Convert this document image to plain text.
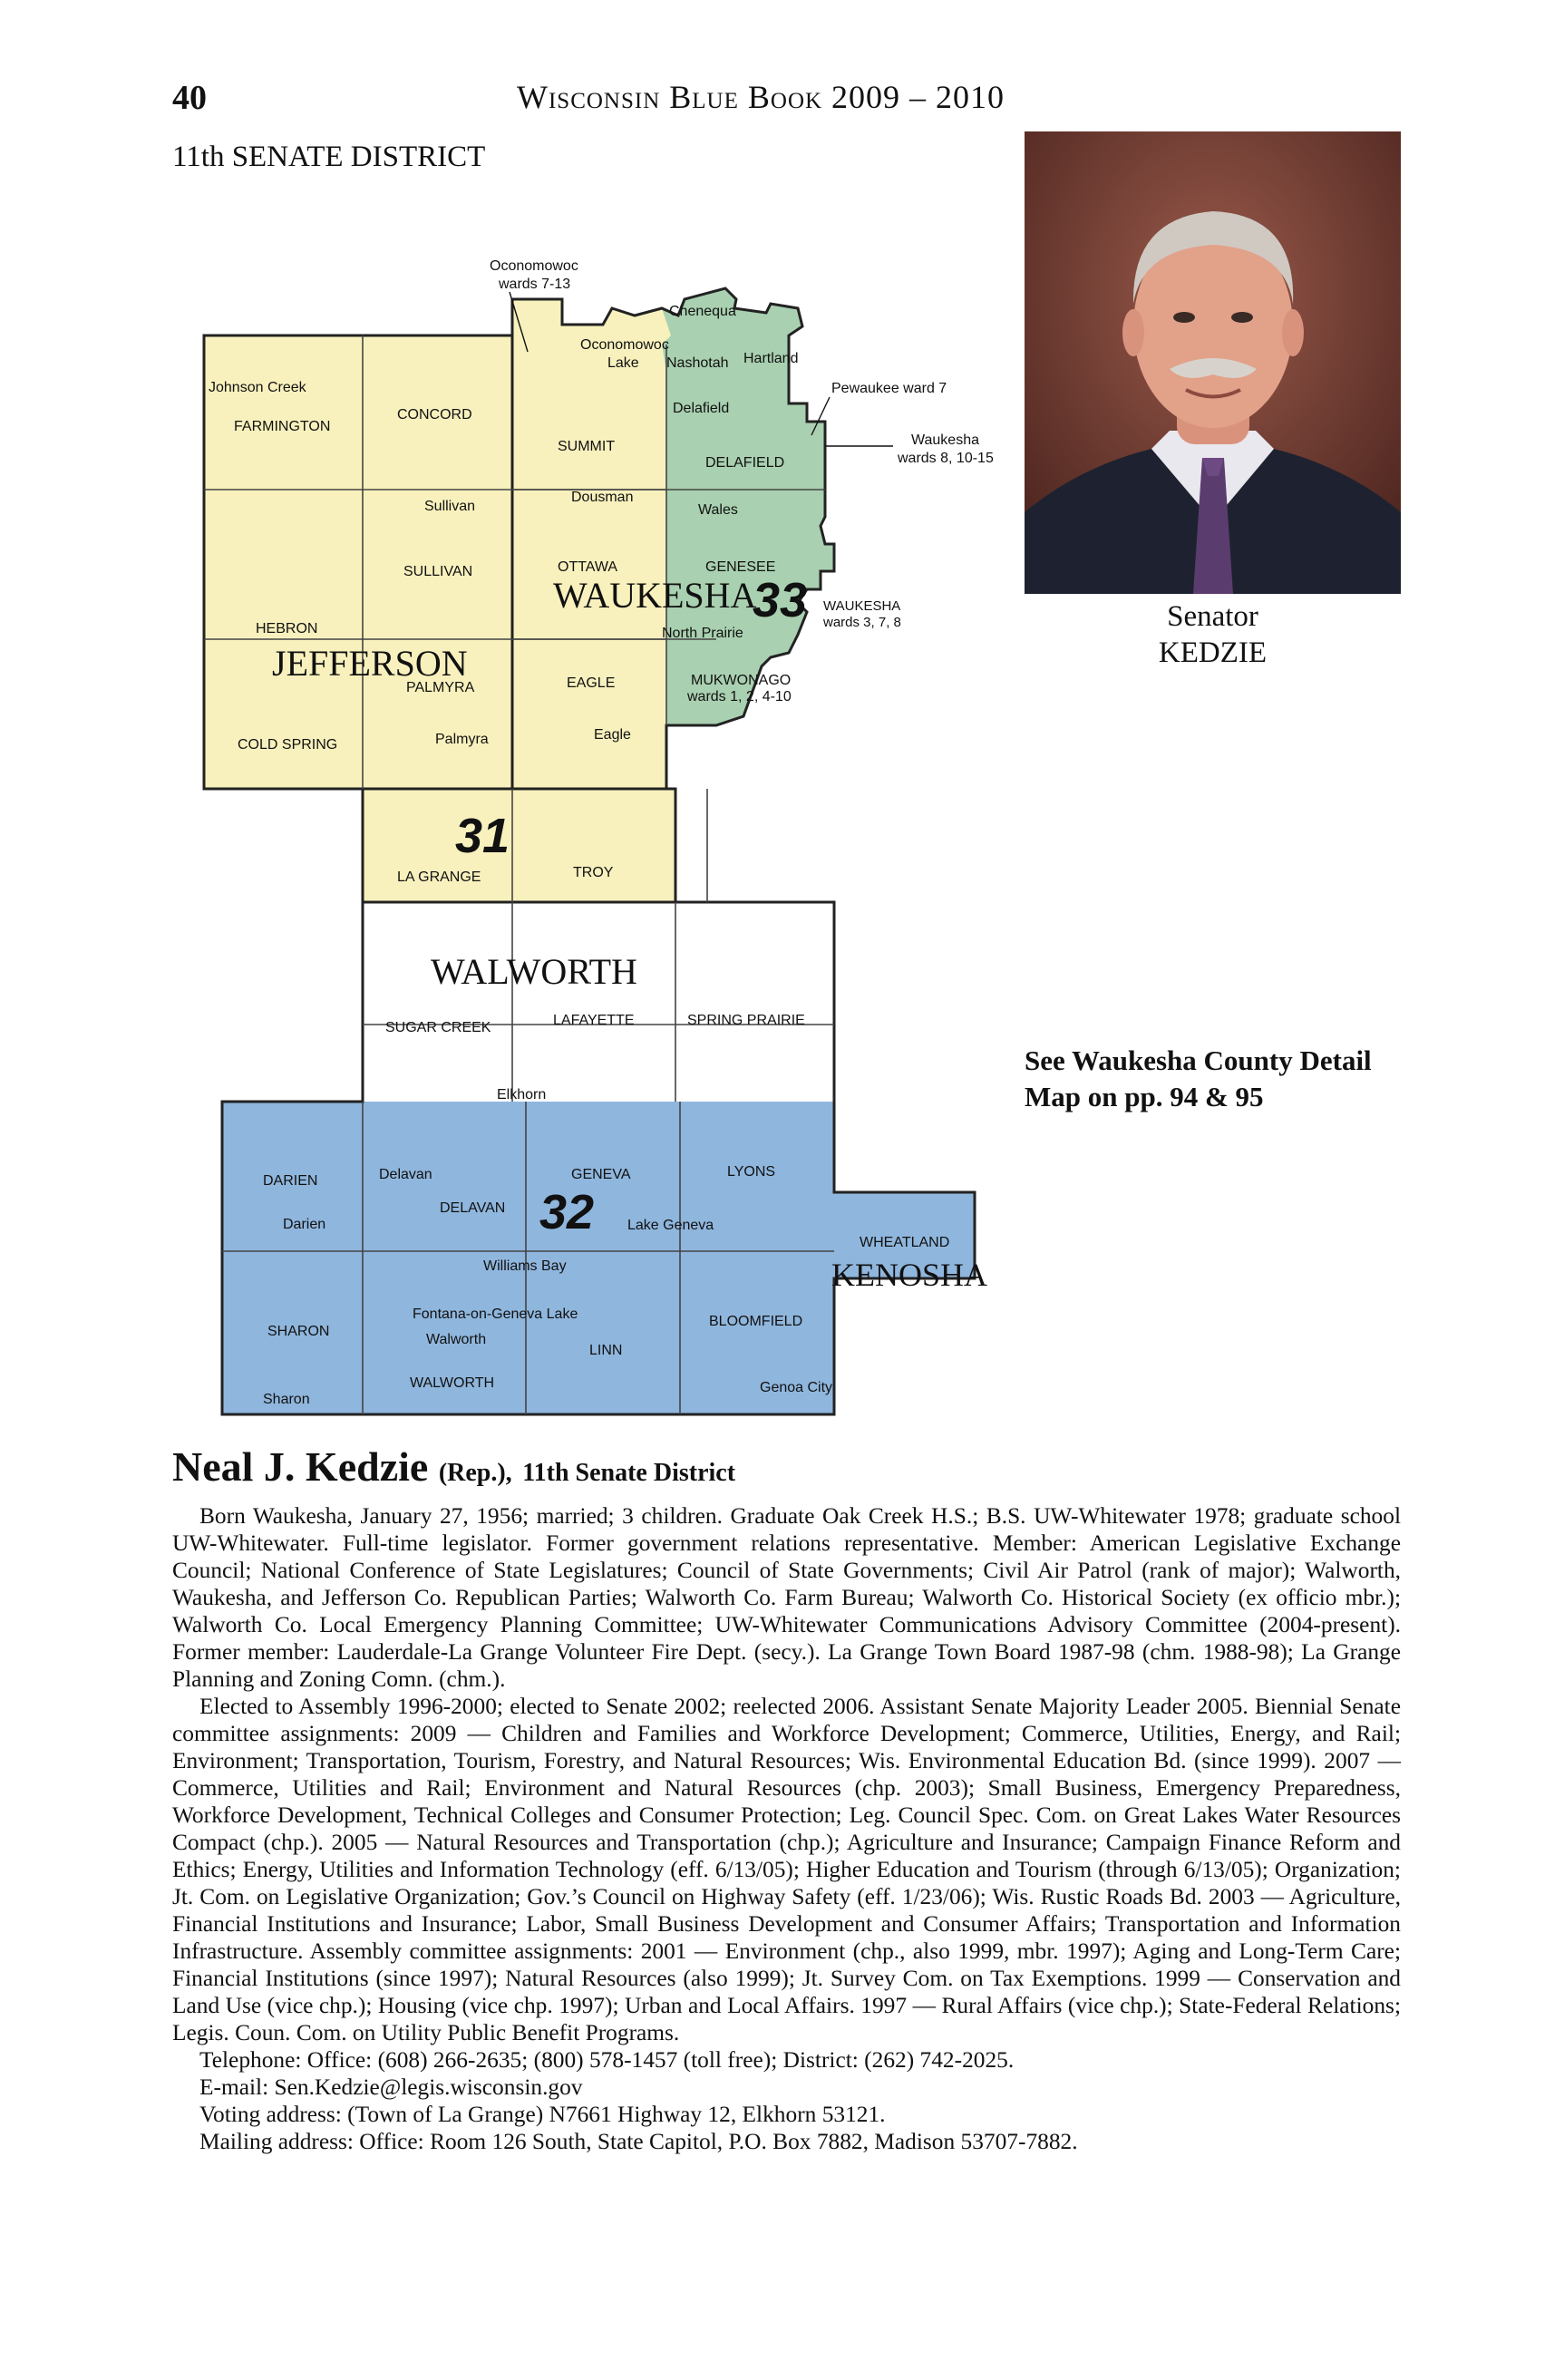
40	Wisconsin Blue Book 2009 – 2010
11th SENATE DISTRICT
Senator
KEDZIE
JEFFERSON
WAUKESHA
WALWORTH
KENOSHA
31
33
32
Oconomowoc
wards 7-13
Chenequa
Oconomowoc
Lake Nashotah Hartland
Johnson Creek
FARMINGTON
CONCORD
SUMMIT
Delafield
DELAFIELD
Pewaukee ward 7
Waukesha
wards 8, 10-15
Sullivan
Dousman
Wales
SULLIVAN	OTTAWA	GENESEE
WAUKESHA
wards 3, 7, 8
HEBRON	North Prairie
PALMYRA	EAGLE	MUKWONAGO
wards 1, 2, 4-10
COLD SPRING	Palmyra	Eagle
LA GRANGE	TROY
SUGAR CREEK	LAFAYETTE	SPRING PRAIRIE
Elkhorn
DARIEN	Delavan	GENEVA	LYONS
Darien
DELAVAN
Lake Geneva
WHEATLAND
Williams Bay
Fontana-on-Geneva Lake
SHARON
Walworth
LINN
BLOOMFIELD
WALWORTH	Genoa City
Sharon
See Waukesha County Detail
Map on pp. 94 & 95
Neal J. Kedzie (Rep.), 11th Senate District

Born Waukesha, January 27, 1956; married; 3 children. Graduate Oak Creek H.S.; B.S. UW-Whitewater 1978; graduate school UW-Whitewater. Full-time legislator. Former government relations representative. Member: American Legislative Exchange Council; National Conference of State Legislatures; Council of State Governments; Civil Air Patrol (rank of major); Walworth, Waukesha, and Jefferson Co. Republican Parties; Walworth Co. Farm Bureau; Walworth Co. Historical Society (ex officio mbr.); Walworth Co. Local Emergency Planning Committee; UW-Whitewater Communications Advisory Committee (2004-present). Former member: Lauderdale-La Grange Volunteer Fire Dept. (secy.). La Grange Town Board 1987-98 (chm. 1988-98); La Grange Planning and Zoning Comn. (chm.).

Elected to Assembly 1996-2000; elected to Senate 2002; reelected 2006. Assistant Senate Majority Leader 2005. Biennial Senate committee assignments: 2009 — Children and Families and Workforce Development; Commerce, Utilities, Energy, and Rail; Environment; Transportation, Tourism, Forestry, and Natural Resources; Wis. Environmental Education Bd. (since 1999). 2007 — Commerce, Utilities and Rail; Environment and Natural Resources (chp. 2003); Small Business, Emergency Preparedness, Workforce Development, Technical Colleges and Consumer Protection; Leg. Council Spec. Com. on Great Lakes Water Resources Compact (chp.). 2005 — Natural Resources and Transportation (chp.); Agriculture and Insurance; Campaign Finance Reform and Ethics; Energy, Utilities and Information Technology (eff. 6/13/05); Higher Education and Tourism (through 6/13/05); Organization; Jt. Com. on Legislative Organization; Gov.’s Council on Highway Safety (eff. 1/23/06); Wis. Rustic Roads Bd. 2003 — Agriculture, Financial Institutions and Insurance; Labor, Small Business Development and Consumer Affairs; Transportation and Information Infrastructure. Assembly committee assignments: 2001 — Environment (chp., also 1999, mbr. 1997); Aging and Long-Term Care; Financial Institutions (since 1997); Natural Resources (also 1999); Jt. Survey Com. on Tax Exemptions. 1999 — Conservation and Land Use (vice chp.); Housing (vice chp. 1997); Urban and Local Affairs. 1997 — Rural Affairs (vice chp.); State-Federal Relations; Legis. Coun. Com. on Utility Public Benefit Programs.

Telephone: Office: (608) 266-2635; (800) 578-1457 (toll free); District: (262) 742-2025.

E-mail: Sen.Kedzie@legis.wisconsin.gov

Voting address: (Town of La Grange) N7661 Highway 12, Elkhorn 53121.

Mailing address: Office: Room 126 South, State Capitol, P.O. Box 7882, Madison 53707-7882.
